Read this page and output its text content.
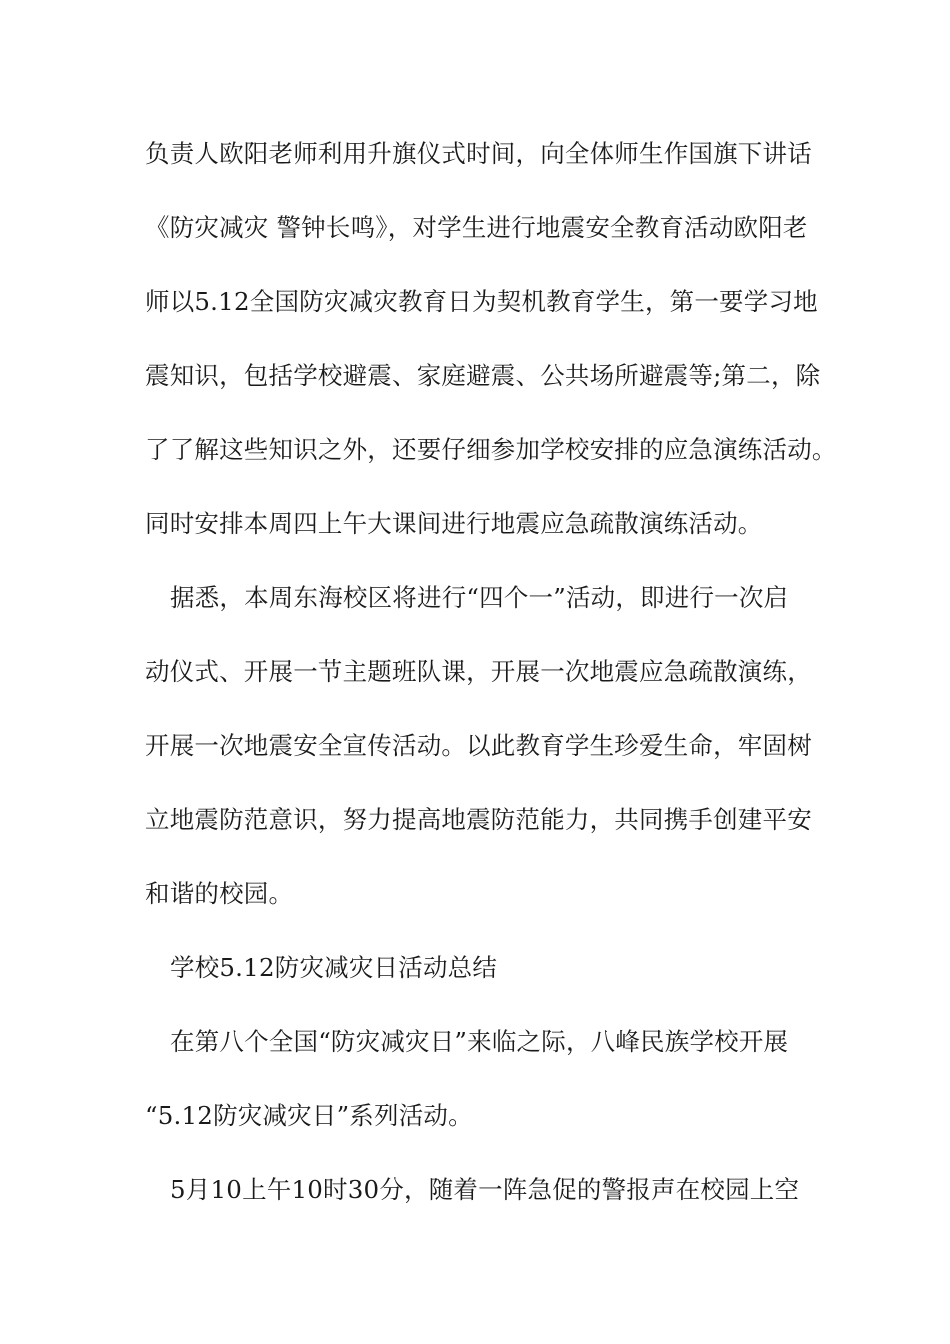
负责人欧阳老师利用升旗仪式时间，向全体师生作国旗下讲话
《防灾减灾 警钟长鸣》，对学生进行地震安全教育活动欧阳老
师以5.12全国防灾减灾教育日为契机教育学生，第一要学习地
震知识，包括学校避震、家庭避震、公共场所避震等;第二，除
了了解这些知识之外，还要仔细参加学校安排的应急演练活动。
同时安排本周四上午大课间进行地震应急疏散演练活动。
据悉，本周东海校区将进行“四个一”活动，即进行一次启
动仪式、开展一节主题班队课，开展一次地震应急疏散演练，
开展一次地震安全宣传活动。以此教育学生珍爱生命，牢固树
立地震防范意识，努力提高地震防范能力，共同携手创建平安
和谐的校园。
学校5.12防灾减灾日活动总结
在第八个全国“防灾减灾日”来临之际，八峰民族学校开展
“5.12防灾减灾日”系列活动。
5月10上午10时30分，随着一阵急促的警报声在校园上空
